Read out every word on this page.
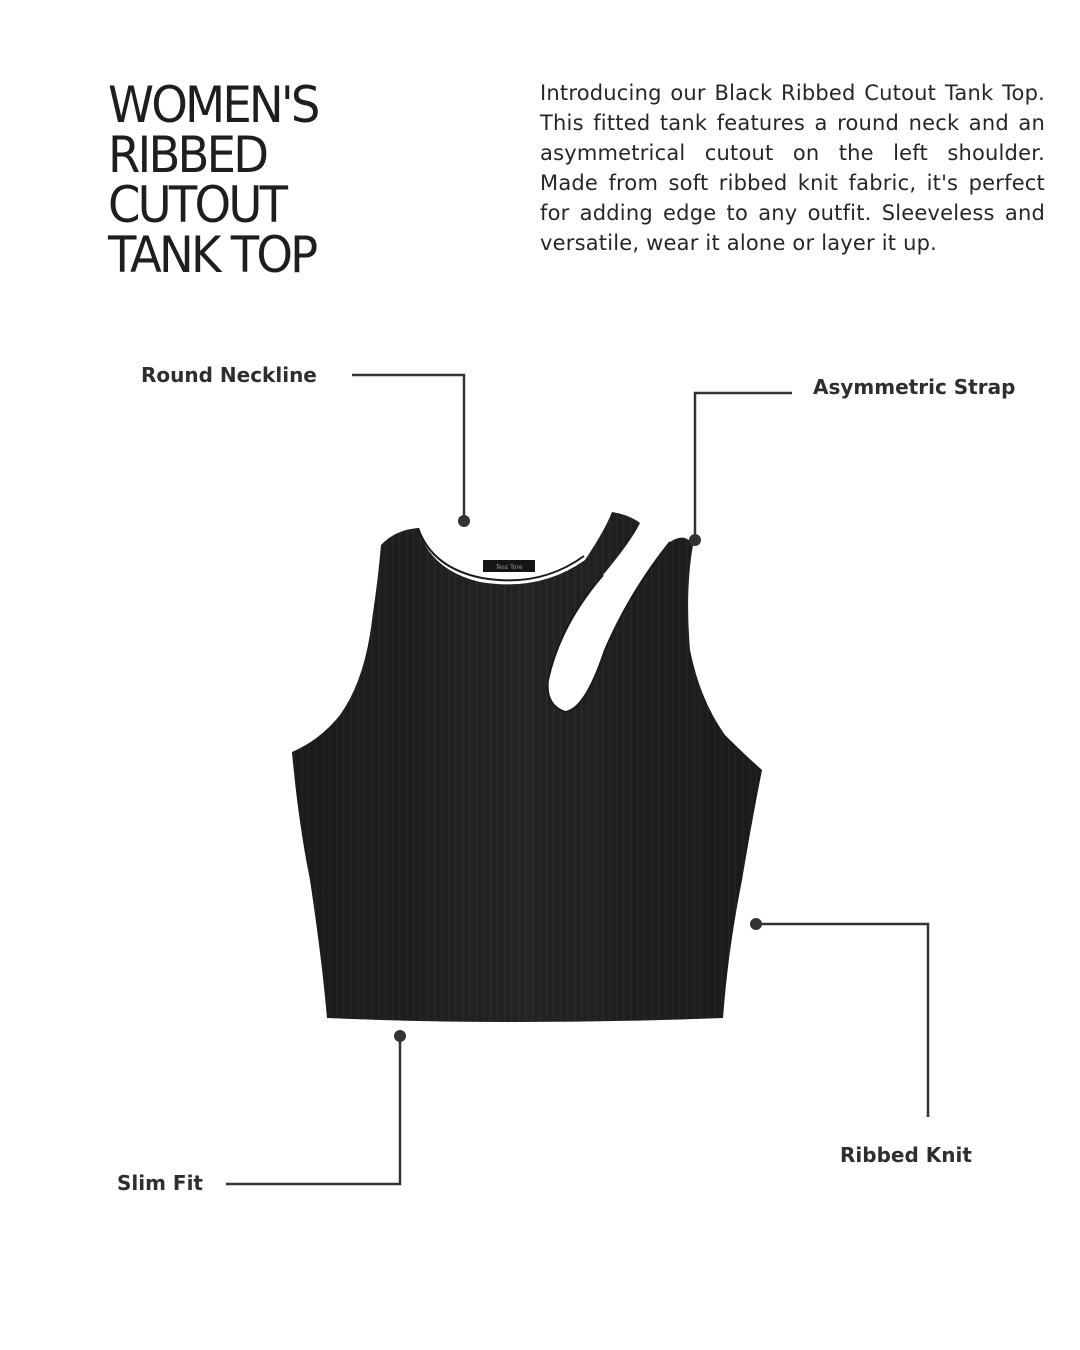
WOMEN'S
RIBBED
CUTOUT
TANK TOP

Introducing our Black Ribbed Cutout Tank Top. This fitted tank features a round neck and an asymmetrical cutout on the left shoulder. Made from soft ribbed knit fabric, it's perfect for adding edge to any outfit. Sleeveless and versatile, wear it alone or layer it up.

Round Neckline	Asymmetric Strap
Ribbed Knit
Slim Fit
Tess Tore
